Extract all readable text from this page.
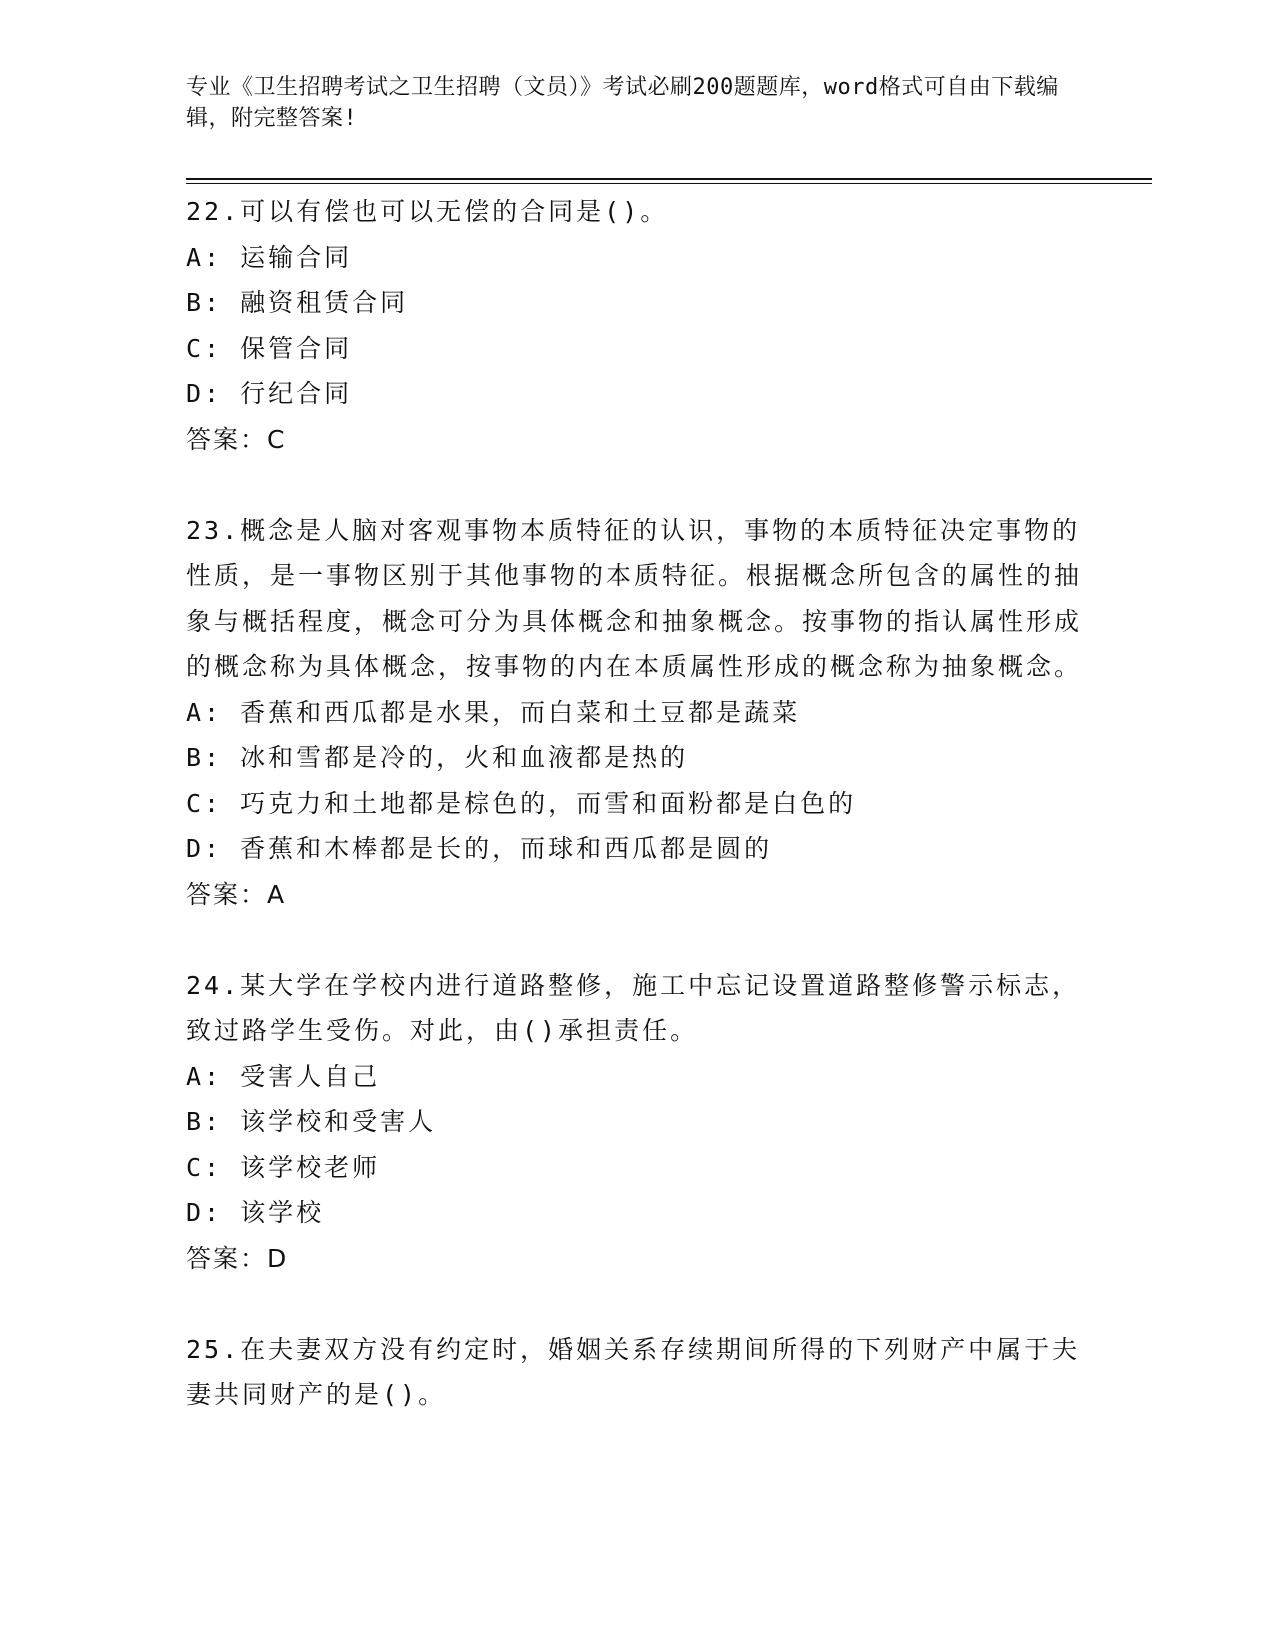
专业《卫生招聘考试之卫生招聘（文员）》考试必刷200题题库，word格式可自由下载编辑，附完整答案!
22.可以有偿也可以无偿的合同是()。
A: 运输合同
B: 融资租赁合同
C: 保管合同
D: 行纪合同
答案：C
23.概念是人脑对客观事物本质特征的认识，事物的本质特征决定事物的性质，是一事物区别于其他事物的本质特征。根据概念所包含的属性的抽象与概括程度，概念可分为具体概念和抽象概念。按事物的指认属性形成的概念称为具体概念，按事物的内在本质属性形成的概念称为抽象概念。
A: 香蕉和西瓜都是水果，而白菜和土豆都是蔬菜
B: 冰和雪都是冷的，火和血液都是热的
C: 巧克力和土地都是棕色的，而雪和面粉都是白色的
D: 香蕉和木棒都是长的，而球和西瓜都是圆的
答案：A
24.某大学在学校内进行道路整修，施工中忘记设置道路整修警示标志，致过路学生受伤。对此，由()承担责任。
A: 受害人自己
B: 该学校和受害人
C: 该学校老师
D: 该学校
答案：D
25.在夫妻双方没有约定时，婚姻关系存续期间所得的下列财产中属于夫妻共同财产的是()。
